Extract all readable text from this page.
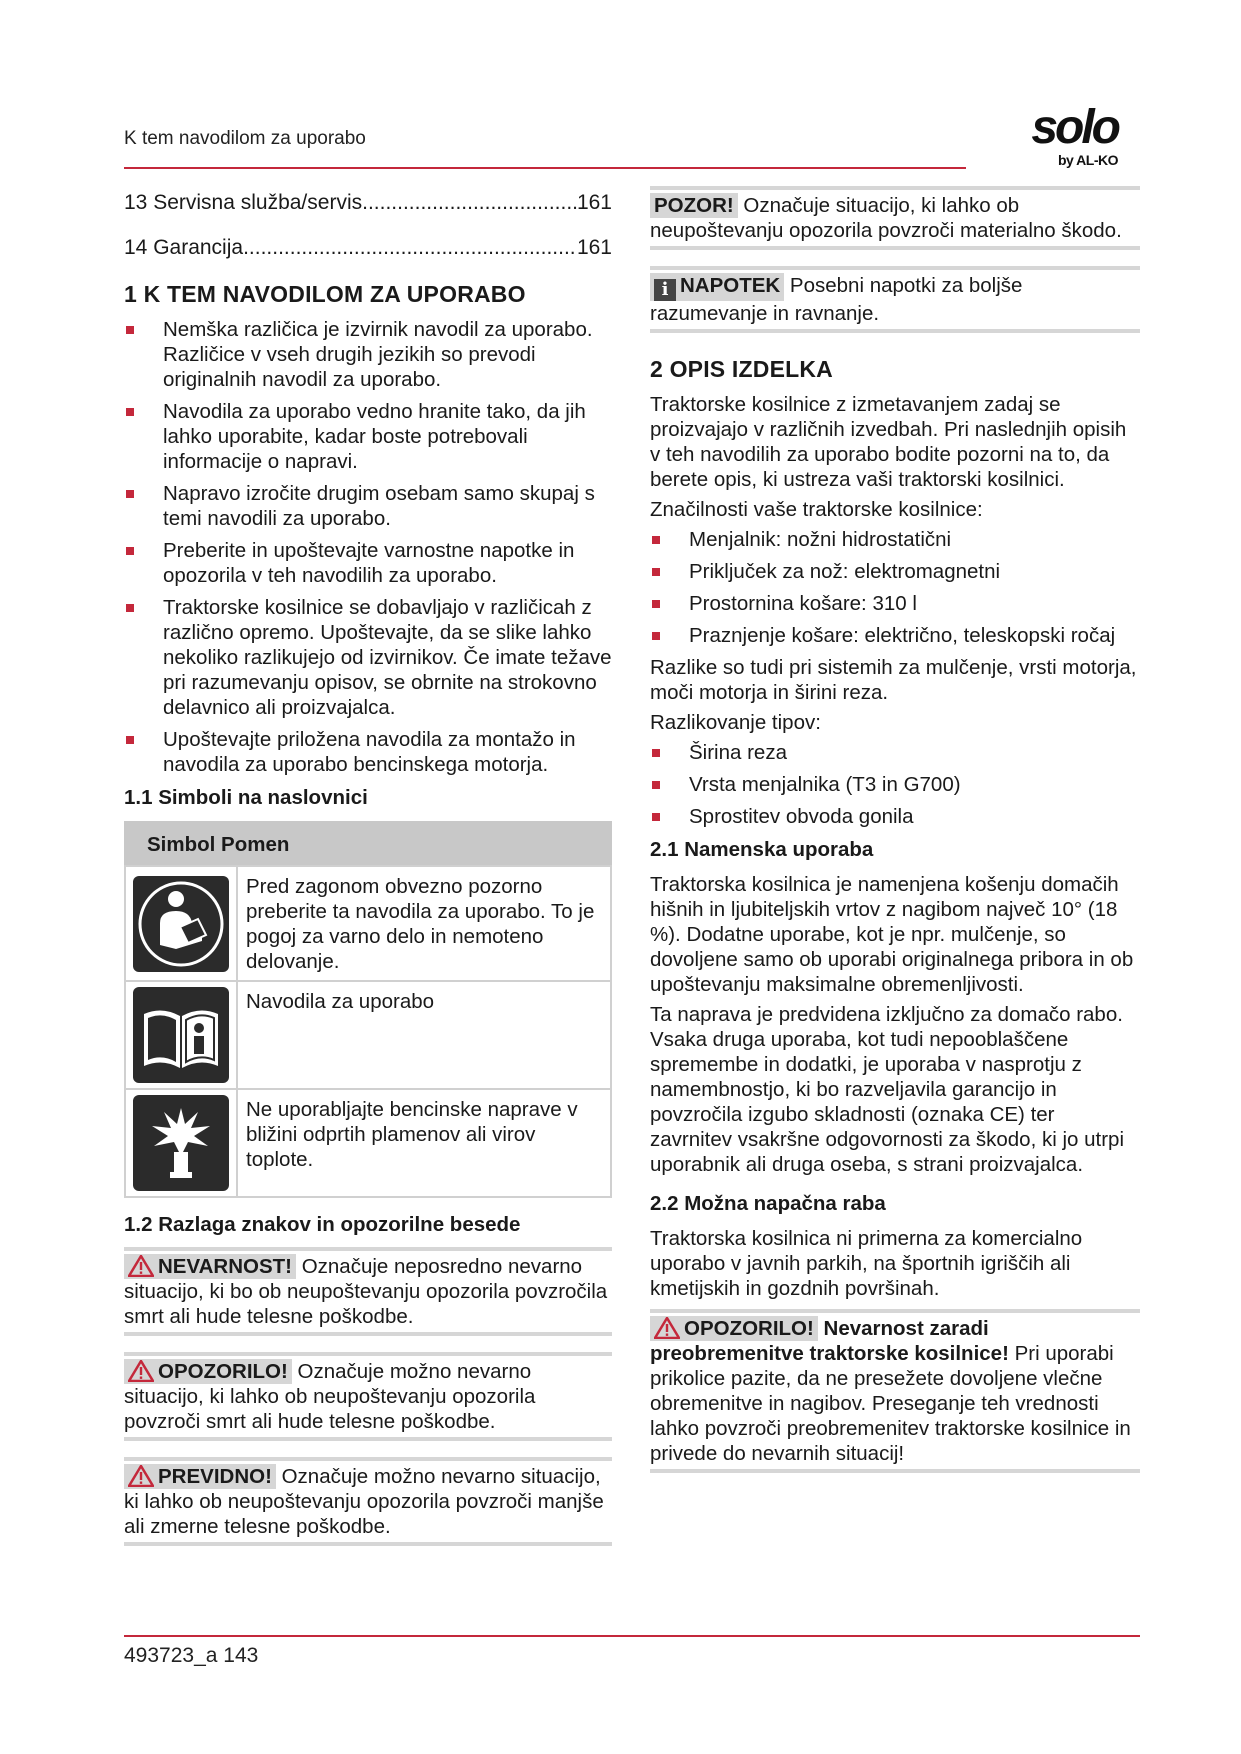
K tem navodilom za uporabo	solo
by AL-KO
13 Servisna služba/servis .....	161
14 Garancija .....	161
1 K TEM NAVODILOM ZA UPORABO
Nemška različica je izvirnik navodil za uporabo. Različice v vseh drugih jezikih so prevodi originalnih navodil za uporabo.
Navodila za uporabo vedno hranite tako, da jih lahko uporabite, kadar boste potrebovali informacije o napravi.
Napravo izročite drugim osebam samo skupaj s temi navodili za uporabo.
Preberite in upoštevajte varnostne napotke in opozorila v teh navodilih za uporabo.
Traktorske kosilnice se dobavljajo v različicah z različno opremo. Upoštevajte, da se slike lahko nekoliko razlikujejo od izvirnikov. Če imate težave pri razumevanju opisov, se obrnite na strokovno delavnico ali proizvajalca.
Upoštevajte priložena navodila za montažo in navodila za uporabo bencinskega motorja.
1.1 Simboli na naslovnici
Simbol Pomen	

	Pred zagonom obvezno pozorno preberite ta navodila za uporabo. To je pogoj za varno delo in nemoteno delovanje.

	Navodila za uporabo

	Ne uporabljajte bencinske naprave v bližini odprtih plamenov ali virov toplote.
1.2 Razlaga znakov in opozorilne besede
NEVARNOST! Označuje neposredno nevarno situacijo, ki bo ob neupoštevanju opozorila povzročila smrt ali hude telesne poškodbe.
OPOZORILO! Označuje možno nevarno situacijo, ki lahko ob neupoštevanju opozorila povzroči smrt ali hude telesne poškodbe.
PREVIDNO! Označuje možno nevarno situacijo, ki lahko ob neupoštevanju opozorila povzroči manjše ali zmerne telesne poškodbe.
POZOR! Označuje situacijo, ki lahko ob neupoštevanju opozorila povzroči materialno škodo.
i NAPOTEK Posebni napotki za boljše razumevanje in ravnanje.
2 OPIS IZDELKA

Traktorske kosilnice z izmetavanjem zadaj se proizvajajo v različnih izvedbah. Pri naslednjih opisih v teh navodilih za uporabo bodite pozorni na to, da berete opis, ki ustreza vaši traktorski kosilnici.

Značilnosti vaše traktorske kosilnice:

Menjalnik: nožni hidrostatični
Priključek za nož: elektromagnetni
Prostornina košare: 310 l
Praznjenje košare: električno, teleskopski ročaj

Razlike so tudi pri sistemih za mulčenje, vrsti motorja, moči motorja in širini reza.

Razlikovanje tipov:

Širina reza
Vrsta menjalnika (T3 in G700)
Sprostitev obvoda gonila
2.1 Namenska uporaba

Traktorska kosilnica je namenjena košenju domačih hišnih in ljubiteljskih vrtov z nagibom največ 10° (18 %). Dodatne uporabe, kot je npr. mulčenje, so dovoljene samo ob uporabi originalnega pribora in ob upoštevanju maksimalne obremenljivosti.

Ta naprava je predvidena izključno za domačo rabo. Vsaka druga uporaba, kot tudi nepooblaščene spremembe in dodatki, je uporaba v nasprotju z namembnostjo, ki bo razveljavila garancijo in povzročila izgubo skladnosti (oznaka CE) ter zavrnitev vsakršne odgovornosti za škodo, ki jo utrpi uporabnik ali druga oseba, s strani proizvajalca.

2.2 Možna napačna raba

Traktorska kosilnica ni primerna za komercialno uporabo v javnih parkih, na športnih igriščih ali kmetijskih in gozdnih površinah.

OPOZORILO! Nevarnost zaradi preobremenitve traktorske kosilnice! Pri uporabi prikolice pazite, da ne presežete dovoljene vlečne obremenitve in nagibov. Preseganje teh vrednosti lahko povzroči preobremenitev traktorske kosilnice in privede do nevarnih situacij!
493723_a 143
